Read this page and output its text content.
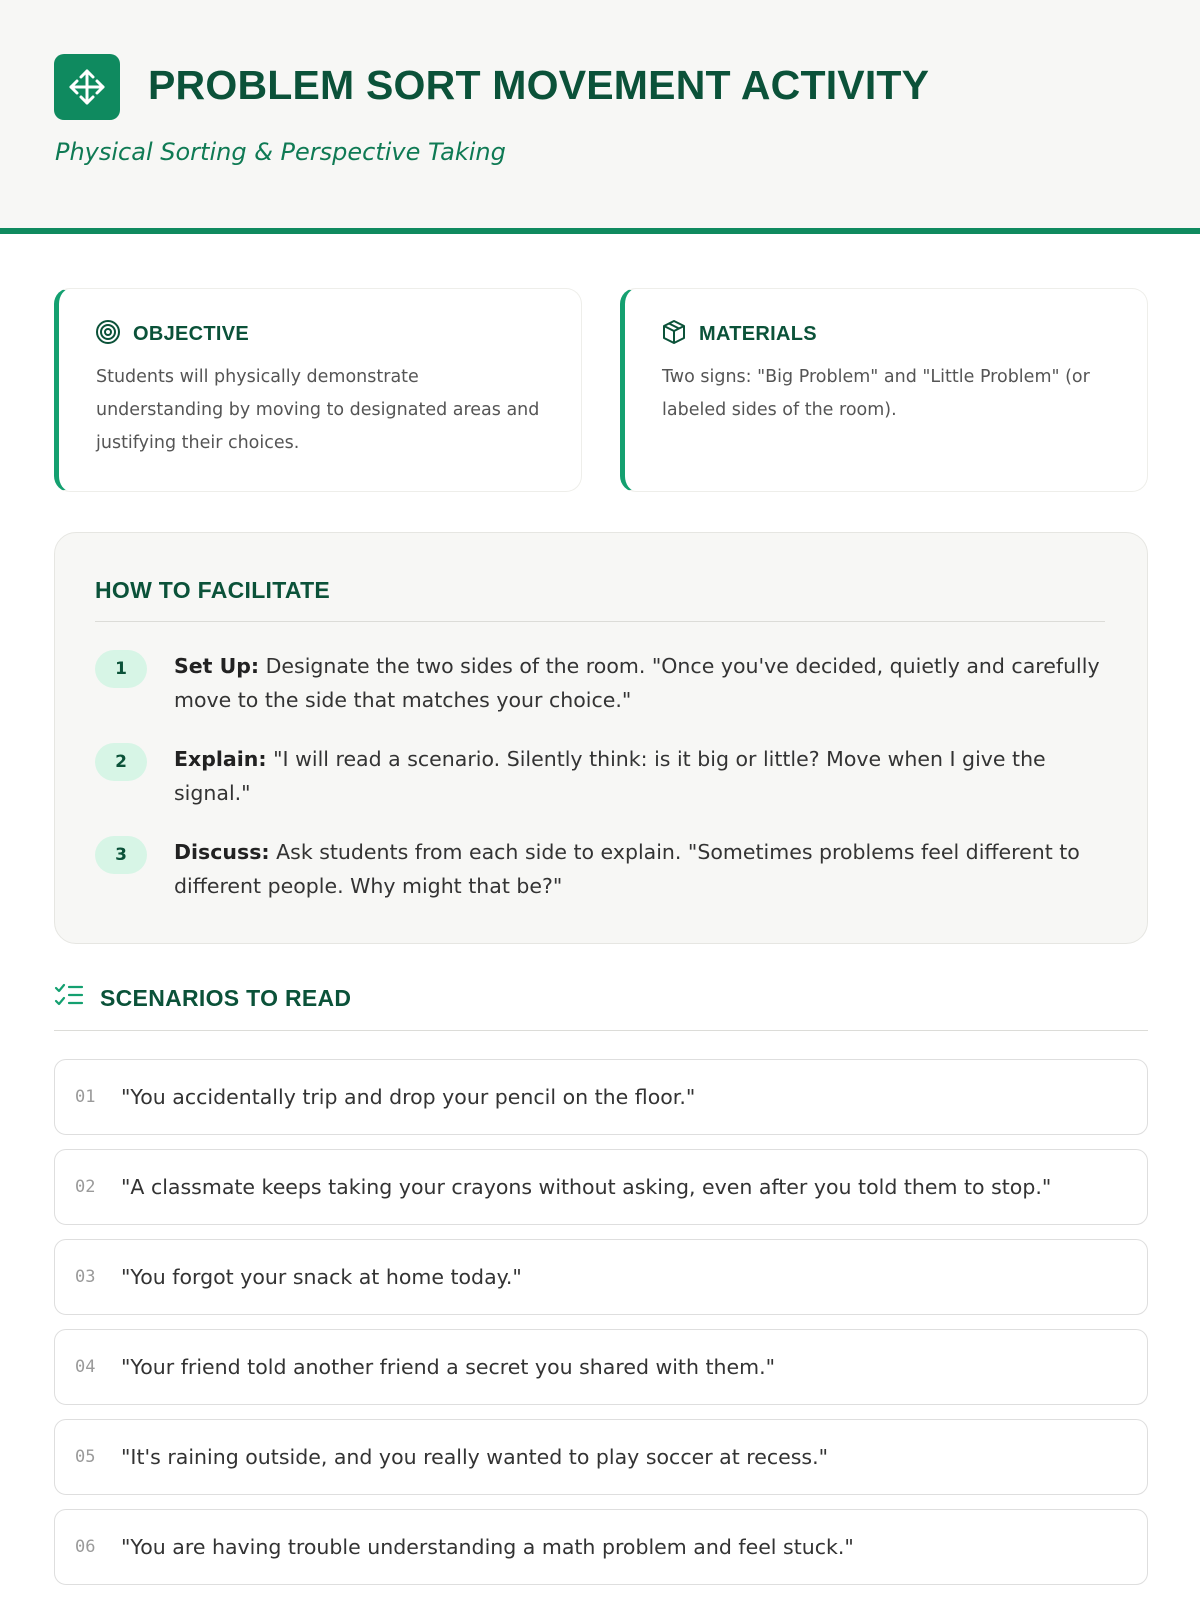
PROBLEM SORT MOVEMENT ACTIVITY
Physical Sorting & Perspective Taking
OBJECTIVE
Students will physically demonstrate understanding by moving to designated areas and justifying their choices.
MATERIALS
Two signs: "Big Problem" and "Little Problem" (or labeled sides of the room).
HOW TO FACILITATE
1	Set Up: Designate the two sides of the room. "Once you've decided, quietly and carefully move to the side that matches your choice."
2	Explain: "I will read a scenario. Silently think: is it big or little? Move when I give the signal."
3	Discuss: Ask students from each side to explain. "Sometimes problems feel different to different people. Why might that be?"
SCENARIOS TO READ
01	"You accidentally trip and drop your pencil on the floor."
02	"A classmate keeps taking your crayons without asking, even after you told them to stop."
03	"You forgot your snack at home today."
04	"Your friend told another friend a secret you shared with them."
05	"It's raining outside, and you really wanted to play soccer at recess."
06	"You are having trouble understanding a math problem and feel stuck."
